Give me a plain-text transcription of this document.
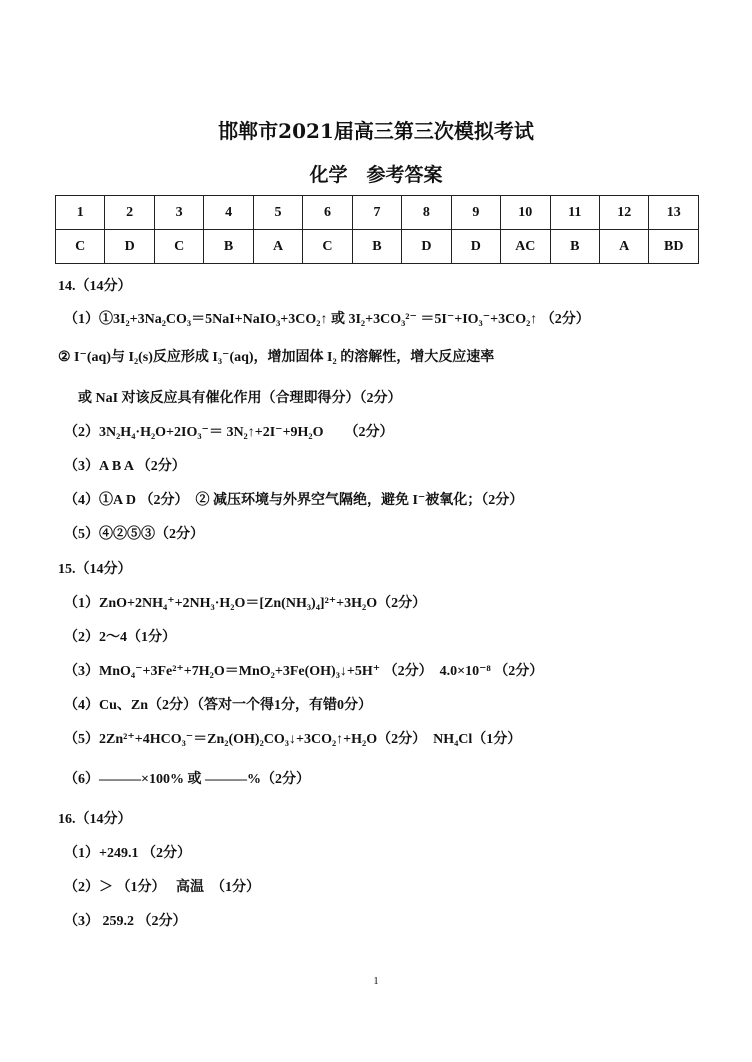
邯郸市2021届高三第三次模拟考试
化学　参考答案
1	2	3	4	5	6	7	8	9	10	11	12	13
C	D	C	B	A	C	B	D	D	AC	B	A	BD
14.（14分）
（1）①3I₂+3Na₂CO₃＝5NaI+NaIO₃+3CO₂↑ 或 3I₂+3CO₃²⁻ ＝5I⁻+IO₃⁻+3CO₂↑ （2分）
② I⁻(aq)与 I₂(s)反应形成 I₃⁻(aq)，增加固体 I₂ 的溶解性，增大反应速率
或 NaI 对该反应具有催化作用（合理即得分）（2分）
（2）3N₂H₄·H₂O+2IO₃⁻＝ 3N₂↑+2I⁻+9H₂O　　（2分）
（3）A B A （2分）
（4）①A D （2分）　② 减压环境与外界空气隔绝，避免 I⁻被氧化；（2分）
（5）④②⑤③（2分）
15.（14分）
（1）ZnO+2NH₄⁺+2NH₃·H₂O＝[Zn(NH₃)₄]²⁺+3H₂O（2分）
（2）2～4（1分）
（3）MnO₄⁻+3Fe²⁺+7H₂O＝MnO₂+3Fe(OH)₃↓+5H⁺ （2分）　4.0×10⁻⁸ （2分）
（4）Cu、Zn（2分）（答对一个得1分，有错0分）
（5）2Zn²⁺+4HCO₃⁻＝Zn₂(OH)₂CO₃↓+3CO₂↑+H₂O（2分）　NH₄Cl（1分）
（6）———×100% 或 ———%（2分）
16.（14分）
（1）+249.1 （2分）
（2）＞ （1分）　 高温　（1分）
（3） 259.2 （2分）
1
